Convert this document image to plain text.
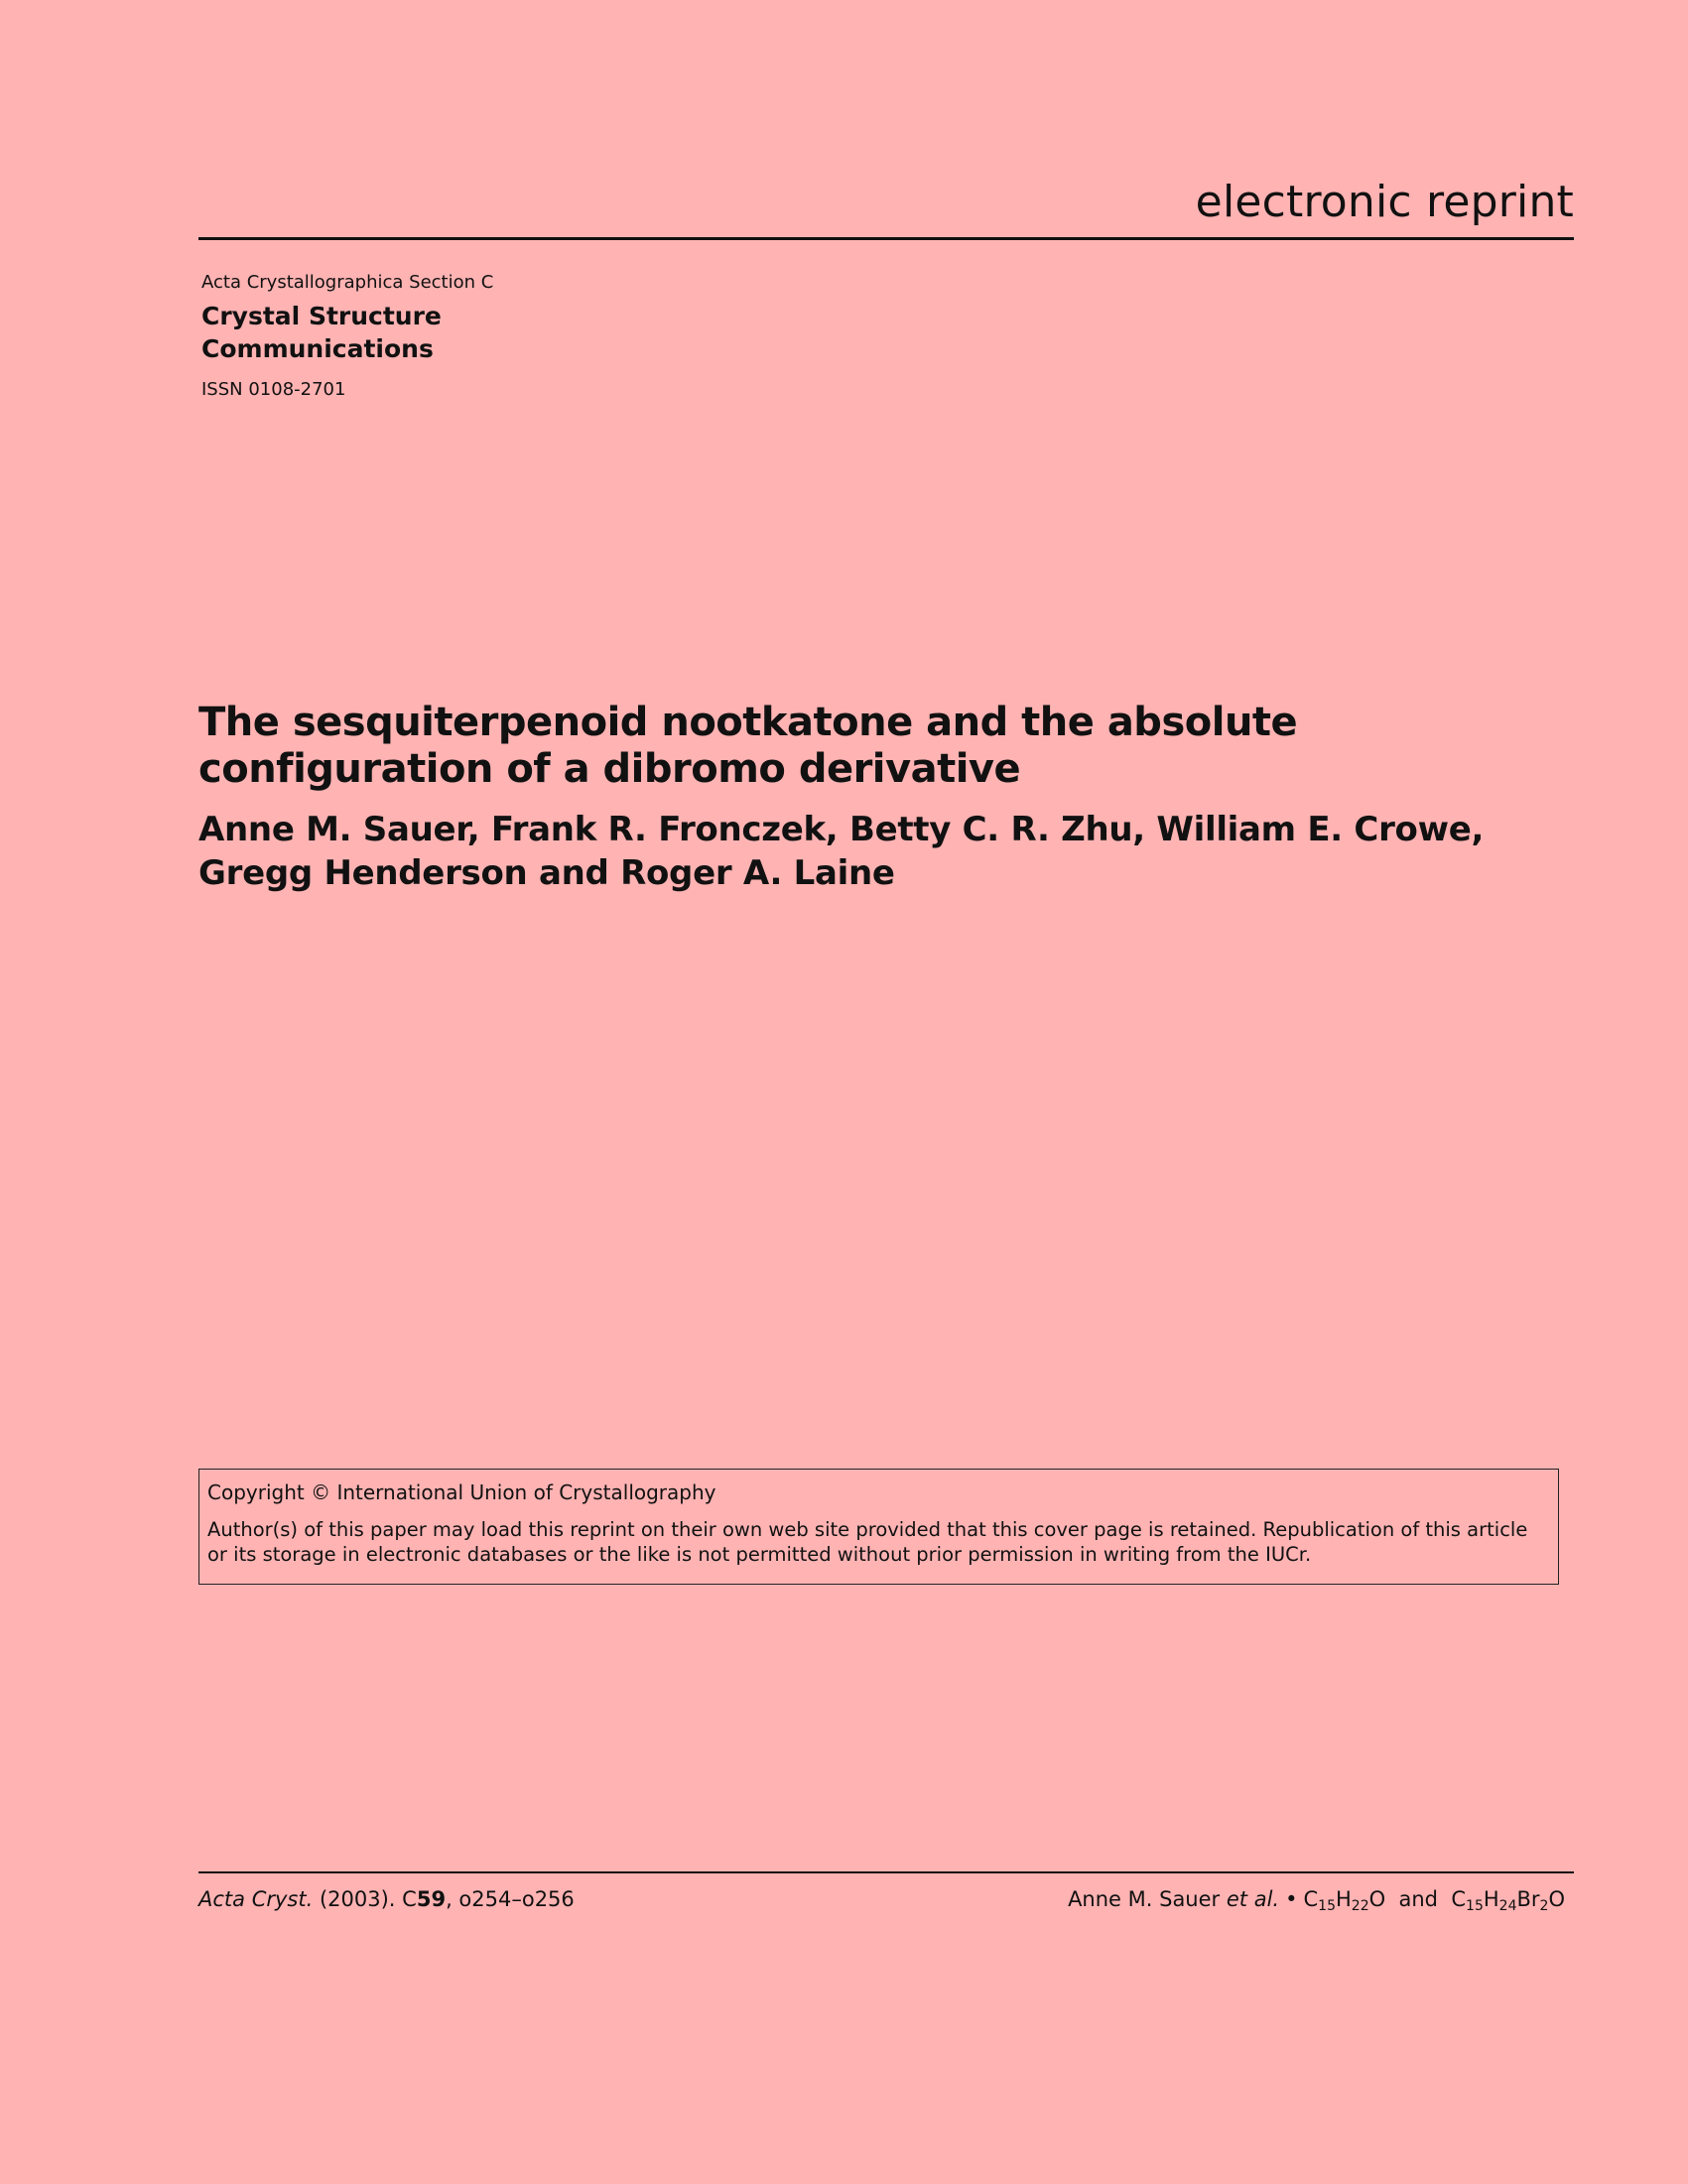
electronic reprint
Acta Crystallographica Section C
Crystal Structure
Communications
ISSN 0108-2701
The sesquiterpenoid nootkatone and the absolute configuration of a dibromo derivative
Anne M. Sauer, Frank R. Fronczek, Betty C. R. Zhu, William E. Crowe, Gregg Henderson and Roger A. Laine
Copyright © International Union of Crystallography
Author(s) of this paper may load this reprint on their own web site provided that this cover page is retained. Republication of this article or its storage in electronic databases or the like is not permitted without prior permission in writing from the IUCr.
Acta Cryst. (2003). C59, o254–o256	Anne M. Sauer et al. • $C_{15}H_{22}O$ and $C_{15}H_{24}Br_2O$
